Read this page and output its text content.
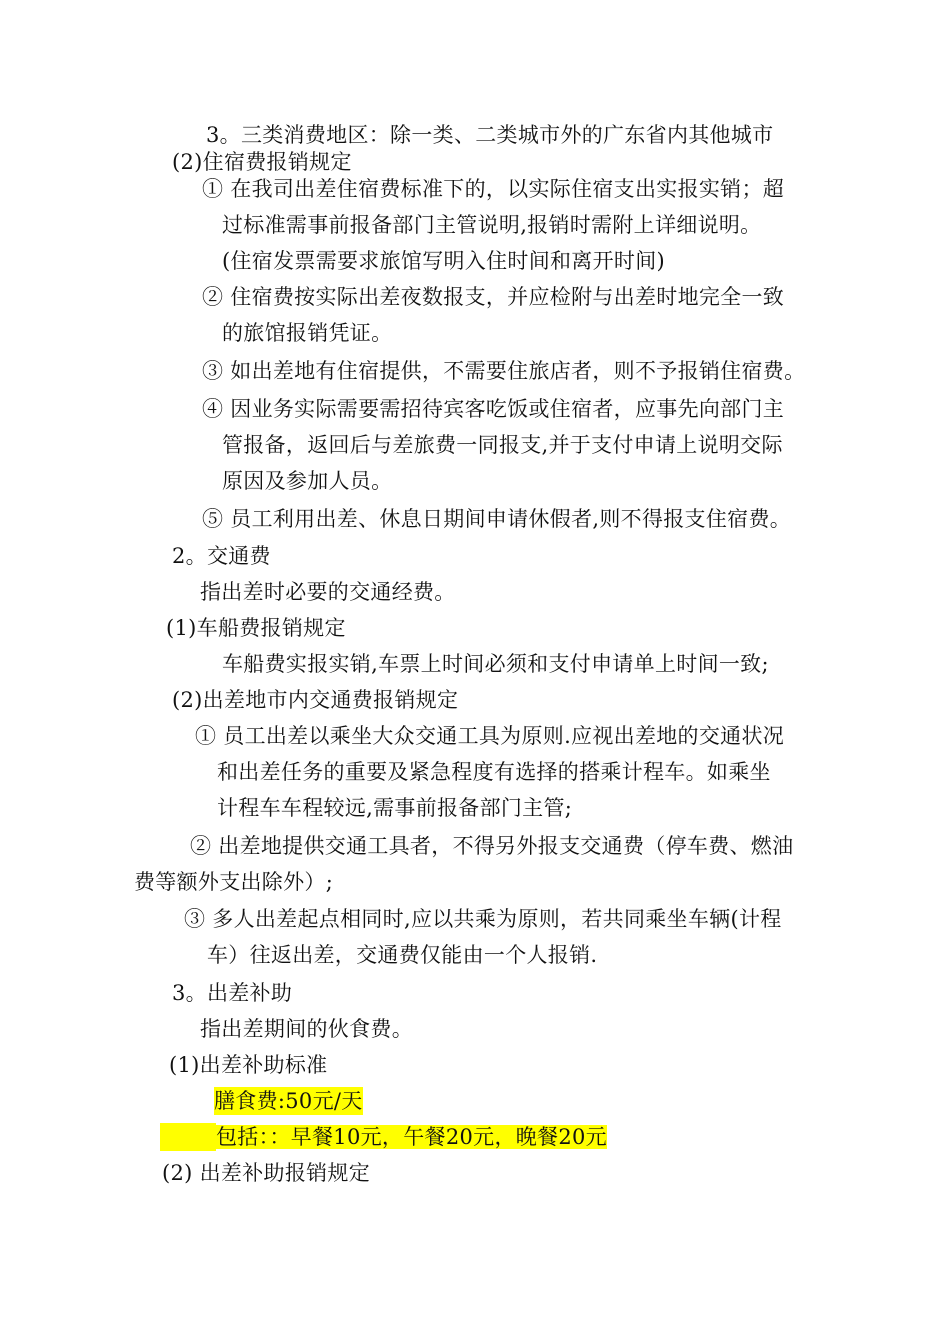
3。三类消费地区：除一类、二类城市外的广东省内其他城市
(2)住宿费报销规定
① 在我司出差住宿费标准下的，以实际住宿支出实报实销；超
过标准需事前报备部门主管说明,报销时需附上详细说明。
(住宿发票需要求旅馆写明入住时间和离开时间)
② 住宿费按实际出差夜数报支，并应检附与出差时地完全一致
的旅馆报销凭证。
③ 如出差地有住宿提供，不需要住旅店者，则不予报销住宿费。
④ 因业务实际需要需招待宾客吃饭或住宿者，应事先向部门主
管报备，返回后与差旅费一同报支,并于支付申请上说明交际
原因及参加人员。
⑤ 员工利用出差、休息日期间申请休假者,则不得报支住宿费。
2。交通费
指出差时必要的交通经费。
(1)车船费报销规定
车船费实报实销,车票上时间必须和支付申请单上时间一致;
(2)出差地市内交通费报销规定
① 员工出差以乘坐大众交通工具为原则.应视出差地的交通状况
和出差任务的重要及紧急程度有选择的搭乘计程车。如乘坐
计程车车程较远,需事前报备部门主管;
② 出差地提供交通工具者，不得另外报支交通费（停车费、燃油
费等额外支出除外）;
③ 多人出差起点相同时,应以共乘为原则，若共同乘坐车辆(计程
车）往返出差，交通费仅能由一个人报销.
3。出差补助
指出差期间的伙食费。
(1)出差补助标准
膳食费:50元/天
包括：：早餐10元，午餐20元，晚餐20元
(2) 出差补助报销规定
